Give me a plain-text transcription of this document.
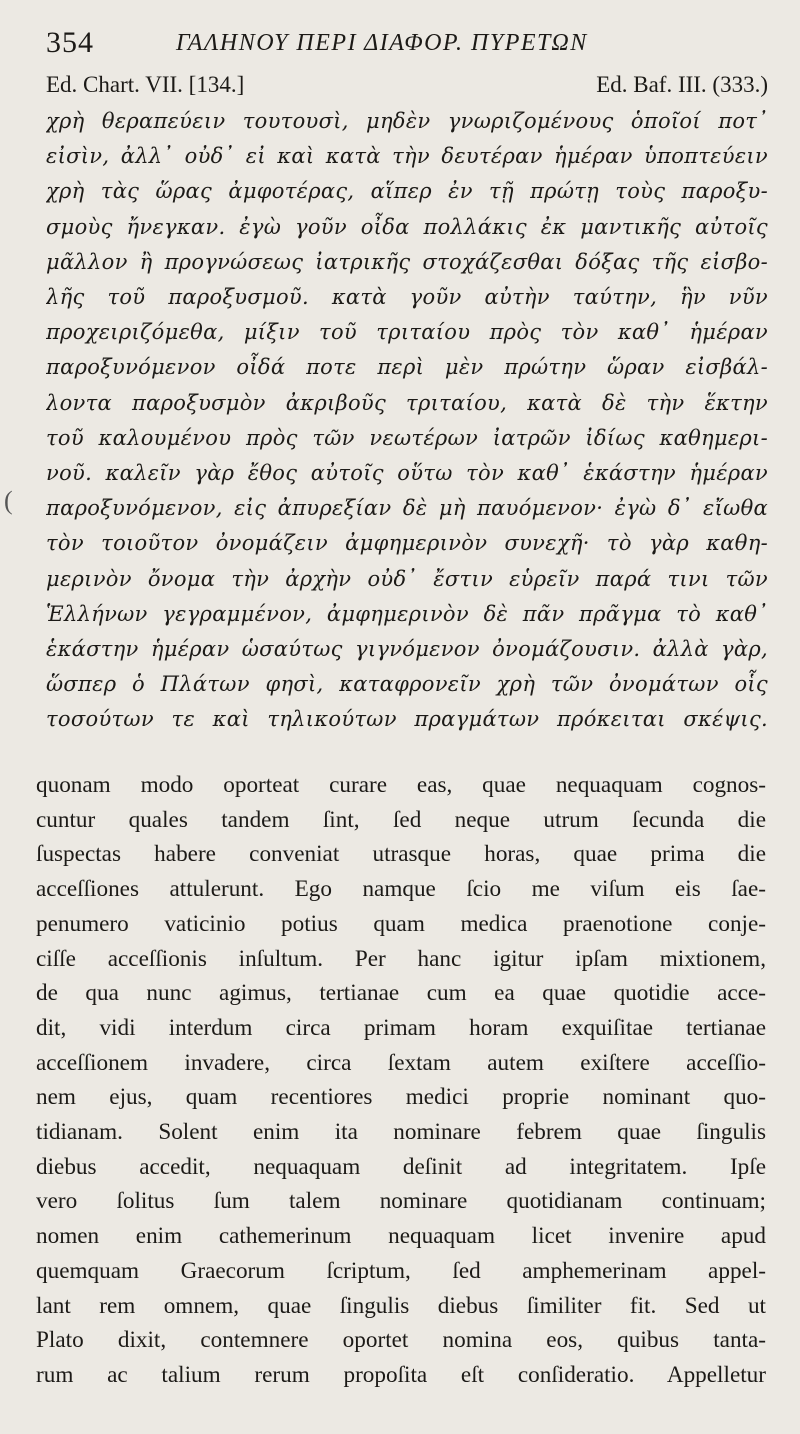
354	ΓΑΛΗΝΟΥ ΠΕΡΙ ΔΙΑΦΟΡ. ΠΥΡΕΤΩΝ
Ed. Chart. VII. [134.]	Ed. Baf. III. (333.)
(
χρὴ θεραπεύειν τουτουσὶ, μηδὲν γνωριζομένους ὁποῖοί ποτ᾽
εἰσὶν, ἀλλ᾽ οὐδ᾽ εἰ καὶ κατὰ τὴν δευτέραν ἡμέραν ὑποπτεύειν
χρὴ τὰς ὥρας ἀμφοτέρας, αἵπερ ἐν τῇ πρώτῃ τοὺς παροξυ-
σμοὺς ἤνεγκαν. ἐγὼ γοῦν οἶδα πολλάκις ἐκ μαντικῆς αὐτοῖς
μᾶλλον ἢ προγνώσεως ἰατρικῆς στοχάζεσθαι δόξας τῆς εἰσβο-
λῆς τοῦ παροξυσμοῦ. κατὰ γοῦν αὐτὴν ταύτην, ἣν νῦν
προχειριζόμεθα, μίξιν τοῦ τριταίου πρὸς τὸν καθ᾽ ἡμέραν
παροξυνόμενον οἶδά ποτε περὶ μὲν πρώτην ὥραν εἰσβάλ-
λοντα παροξυσμὸν ἀκριβοῦς τριταίου, κατὰ δὲ τὴν ἕκτην
τοῦ καλουμένου πρὸς τῶν νεωτέρων ἰατρῶν ἰδίως καθημερι-
νοῦ. καλεῖν γὰρ ἔθος αὐτοῖς οὕτω τὸν καθ᾽ ἑκάστην ἡμέραν
παροξυνόμενον, εἰς ἀπυρεξίαν δὲ μὴ παυόμενον· ἐγὼ δ᾽ εἴωθα
τὸν τοιοῦτον ὀνομάζειν ἀμφημερινὸν συνεχῆ· τὸ γὰρ καθη-
μερινὸν ὄνομα τὴν ἀρχὴν οὐδ᾽ ἔστιν εὑρεῖν παρά τινι τῶν
Ἑλλήνων γεγραμμένον, ἀμφημερινὸν δὲ πᾶν πρᾶγμα τὸ καθ᾽
ἑκάστην ἡμέραν ὡσαύτως γιγνόμενον ὀνομάζουσιν. ἀλλὰ γὰρ,
ὥσπερ ὁ Πλάτων φησὶ, καταφρονεῖν χρὴ τῶν ὀνομάτων οἷς
τοσούτων τε καὶ τηλικούτων πραγμάτων πρόκειται σκέψις.
quonam modo oporteat curare eas, quae nequaquam cognos-
cuntur quales tandem ſint, ſed neque utrum ſecunda die
ſuspectas habere conveniat utrasque horas, quae prima die
acceſſiones attulerunt. Ego namque ſcio me viſum eis ſae-
penumero vaticinio potius quam medica praenotione conje-
ciſſe acceſſionis inſultum. Per hanc igitur ipſam mixtionem,
de qua nunc agimus, tertianae cum ea quae quotidie acce-
dit, vidi interdum circa primam horam exquiſitae tertianae
acceſſionem invadere, circa ſextam autem exiſtere acceſſio-
nem ejus, quam recentiores medici proprie nominant quo-
tidianam. Solent enim ita nominare febrem quae ſingulis
diebus accedit, nequaquam deſinit ad integritatem. Ipſe
vero ſolitus ſum talem nominare quotidianam continuam;
nomen enim cathemerinum nequaquam licet invenire apud
quemquam Graecorum ſcriptum, ſed amphemerinam appel-
lant rem omnem, quae ſingulis diebus ſimiliter fit. Sed ut
Plato dixit, contemnere oportet nomina eos, quibus tanta-
rum ac talium rerum propoſita eſt conſideratio. Appelletur
